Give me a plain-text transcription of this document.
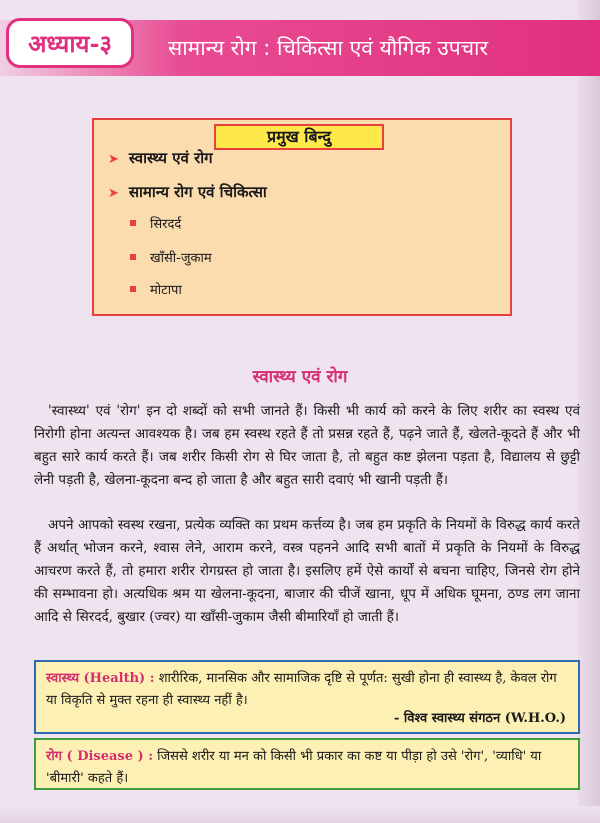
अध्याय-३	सामान्य रोग : चिकित्सा एवं यौगिक उपचार
प्रमुख बिन्दु
➤ स्वास्थ्य एवं रोग
➤ सामान्य रोग एवं चिकित्सा
सिरदर्द
खाँसी-जुकाम
मोटापा
स्वास्थ्य एवं रोग

'स्वास्थ्य' एवं 'रोग' इन दो शब्दों को सभी जानते हैं। किसी भी कार्य को करने के लिए शरीर का स्वस्थ एवं निरोगी होना अत्यन्त आवश्यक है। जब हम स्वस्थ रहते हैं तो प्रसन्न रहते हैं, पढ़ने जाते हैं, खेलते-कूदते हैं और भी बहुत सारे कार्य करते हैं। जब शरीर किसी रोग से घिर जाता है, तो बहुत कष्ट झेलना पड़ता है, विद्यालय से छुट्टी लेनी पड़ती है, खेलना-कूदना बन्द हो जाता है और बहुत सारी दवाएं भी खानी पड़ती हैं।

अपने आपको स्वस्थ रखना, प्रत्येक व्यक्ति का प्रथम कर्त्तव्य है। जब हम प्रकृति के नियमों के विरुद्ध कार्य करते हैं अर्थात् भोजन करने, श्वास लेने, आराम करने, वस्त्र पहनने आदि सभी बातों में प्रकृति के नियमों के विरुद्ध आचरण करते हैं, तो हमारा शरीर रोगग्रस्त हो जाता है। इसलिए हमें ऐसे कार्यों से बचना चाहिए, जिनसे रोग होने की सम्भावना हो। अत्यधिक श्रम या खेलना-कूदना, बाजार की चीजें खाना, धूप में अधिक घूमना, ठण्ड लग जाना आदि से सिरदर्द, बुखार (ज्वर) या खाँसी-जुकाम जैसी बीमारियाँ हो जाती हैं।

स्वास्थ्य (Health) : शारीरिक, मानसिक और सामाजिक दृष्टि से पूर्णत: सुखी होना ही स्वास्थ्य है, केवल रोग या विकृति से मुक्त रहना ही स्वास्थ्य नहीं है।
- विश्व स्वास्थ्य संगठन (W.H.O.)
रोग ( Disease ) : जिससे शरीर या मन को किसी भी प्रकार का कष्ट या पीड़ा हो उसे 'रोग', 'व्याधि' या 'बीमारी' कहते हैं।
